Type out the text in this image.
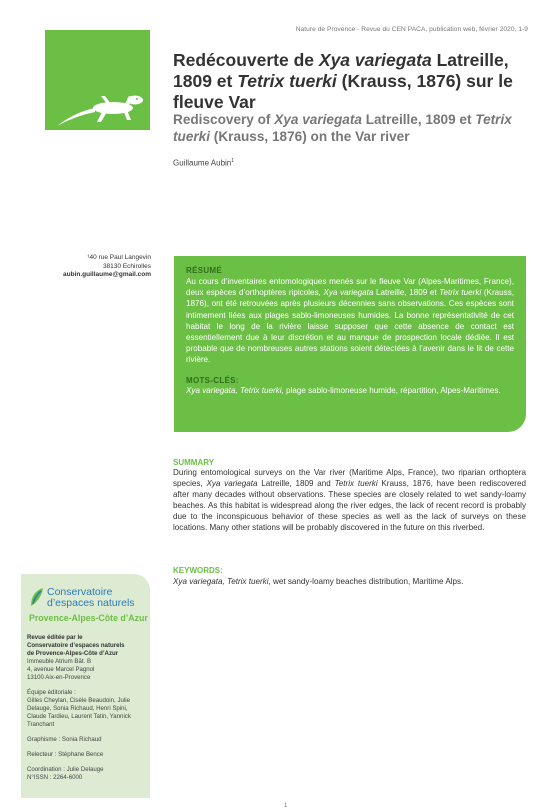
Nature de Provence - Revue du CEN PACA, publication web, février 2020, 1-9
Redécouverte de Xya variegata Latreille, 1809 et Tetrix tuerki (Krauss, 1876) sur le fleuve Var
Rediscovery of Xya variegata Latreille, 1809 et Tetrix tuerki (Krauss, 1876) on the Var river
Guillaume Aubin$^1$
¹40 rue Paul Langevin
38130 Echirolles
aubin.guillaume@gmail.com	RÉSUMÉ
Au cours d’inventaires entomologiques menés sur le fleuve Var (Alpes-Maritimes, France), deux espèces d’orthoptères ripicoles, Xya variegata Latreille, 1809 et Tetrix tuerki (Krauss, 1876), ont été retrouvées après plusieurs décennies sans observations. Ces espèces sont intimement liées aux plages sablo-limoneuses humides. La bonne représentativité de cet habitat le long de la rivière laisse supposer que cette absence de contact est essentiellement due à leur discrétion et au manque de prospection locale dédiée. Il est probable que de nombreuses autres stations soient détectées à l’avenir dans le lit de cette rivière.
MOTS-CLÉS:
Xya variegata, Tetrix tuerki, plage sablo-limoneuse humide, répartition, Alpes-Maritimes.
SUMMARY
During entomological surveys on the Var river (Maritime Alps, France), two riparian orthoptera species, Xya variegata Latreille, 1809 and Tetrix tuerki Krauss, 1876, have been rediscovered after many decades without observations. These species are closely related to wet sandy-loamy beaches. As this habitat is widespread along the river edges, the lack of recent record is probably due to the inconspicuous behavior of these species as well as the lack of surveys on these locations. Many other stations will be probably discovered in the future on this riverbed.
KEYWORDS:
Xya variegata, Tetrix tuerki, wet sandy-loamy beaches distribution, Maritime Alps.
Conservatoire
d’espaces naturels
Provence-Alpes-Côte d’Azur
Revue éditée par le
Conservatoire d’espaces naturels
de Provence-Alpes-Côte d’Azur
Immeuble Atrium Bât. B
4, avenue Marcel Pagnol
13100 Aix-en-Provence
Équipe éditoriale :
Gilles Cheylan, Cisèle Beaudoin, Julie Delauge, Sonia Richaud, Henri Spini, Claude Tardieu, Laurent Tatin, Yannick Tranchant
Graphisme : Sonia Richaud
Relecteur : Stéphane Bence
Coordination : Julie Delauge
N°ISSN : 2264-6000
1
